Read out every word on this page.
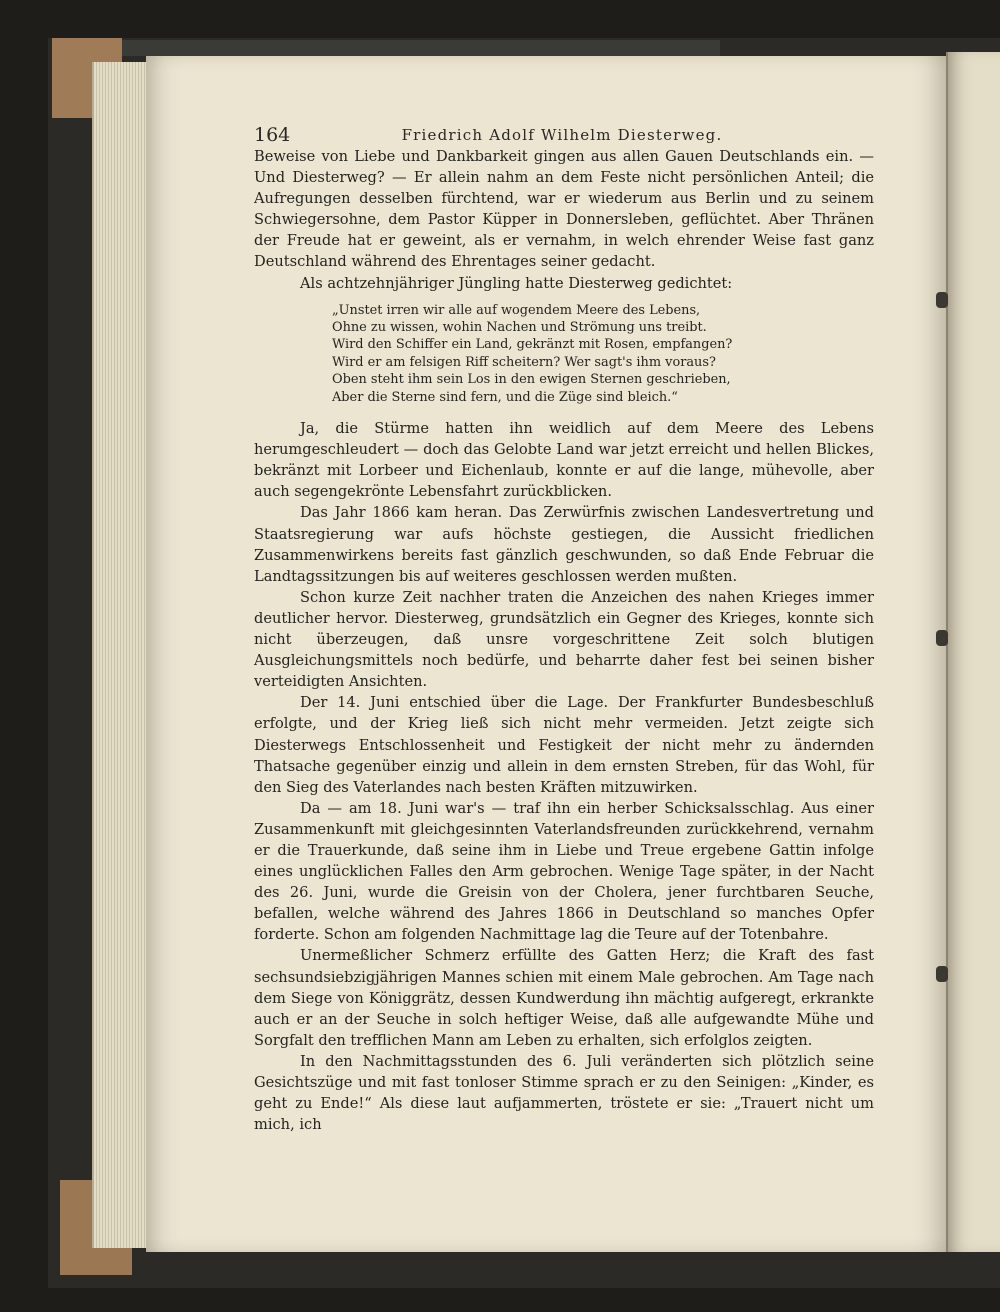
164	Friedrich Adolf Wilhelm Diesterweg.

Beweise von Liebe und Dankbarkeit gingen aus allen Gauen Deutschlands ein. — Und Diesterweg? — Er allein nahm an dem Feste nicht persönlichen Anteil; die Aufregungen desselben fürchtend, war er wiederum aus Berlin und zu seinem Schwiegersohne, dem Pastor Küpper in Donnersleben, geflüchtet. Aber Thränen der Freude hat er geweint, als er vernahm, in welch ehrender Weise fast ganz Deutschland während des Ehrentages seiner gedacht.

Als achtzehnjähriger Jüngling hatte Diesterweg gedichtet:

„Unstet irren wir alle auf wogendem Meere des Lebens,
Ohne zu wissen, wohin Nachen und Strömung uns treibt.
Wird den Schiffer ein Land, gekränzt mit Rosen, empfangen?
Wird er am felsigen Riff scheitern? Wer sagt's ihm voraus?
Oben steht ihm sein Los in den ewigen Sternen geschrieben,
Aber die Sterne sind fern, und die Züge sind bleich.“

Ja, die Stürme hatten ihn weidlich auf dem Meere des Lebens herumgeschleudert — doch das Gelobte Land war jetzt erreicht und hellen Blickes, bekränzt mit Lorbeer und Eichenlaub, konnte er auf die lange, mühevolle, aber auch segengekrönte Lebensfahrt zurückblicken.

Das Jahr 1866 kam heran. Das Zerwürfnis zwischen Landesvertretung und Staatsregierung war aufs höchste gestiegen, die Aussicht friedlichen Zusammenwirkens bereits fast gänzlich geschwunden, so daß Ende Februar die Landtagssitzungen bis auf weiteres geschlossen werden mußten.

Schon kurze Zeit nachher traten die Anzeichen des nahen Krieges immer deutlicher hervor. Diesterweg, grundsätzlich ein Gegner des Krieges, konnte sich nicht überzeugen, daß unsre vorgeschrittene Zeit solch blutigen Ausgleichungsmittels noch bedürfe, und beharrte daher fest bei seinen bisher verteidigten Ansichten.

Der 14. Juni entschied über die Lage. Der Frankfurter Bundesbeschluß erfolgte, und der Krieg ließ sich nicht mehr vermeiden. Jetzt zeigte sich Diesterwegs Entschlossenheit und Festigkeit der nicht mehr zu ändernden Thatsache gegenüber einzig und allein in dem ernsten Streben, für das Wohl, für den Sieg des Vaterlandes nach besten Kräften mitzuwirken.

Da — am 18. Juni war's — traf ihn ein herber Schicksalsschlag. Aus einer Zusammenkunft mit gleichgesinnten Vaterlandsfreunden zurückkehrend, vernahm er die Trauerkunde, daß seine ihm in Liebe und Treue ergebene Gattin infolge eines unglücklichen Falles den Arm gebrochen. Wenige Tage später, in der Nacht des 26. Juni, wurde die Greisin von der Cholera, jener furchtbaren Seuche, befallen, welche während des Jahres 1866 in Deutschland so manches Opfer forderte. Schon am folgenden Nachmittage lag die Teure auf der Totenbahre.

Unermeßlicher Schmerz erfüllte des Gatten Herz; die Kraft des fast sechsundsiebzigjährigen Mannes schien mit einem Male gebrochen. Am Tage nach dem Siege von Königgrätz, dessen Kundwerdung ihn mächtig aufgeregt, erkrankte auch er an der Seuche in solch heftiger Weise, daß alle aufgewandte Mühe und Sorgfalt den trefflichen Mann am Leben zu erhalten, sich erfolglos zeigten.

In den Nachmittagsstunden des 6. Juli veränderten sich plötzlich seine Gesichtszüge und mit fast tonloser Stimme sprach er zu den Seinigen: „Kinder, es geht zu Ende!“ Als diese laut aufjammerten, tröstete er sie: „Trauert nicht um mich, ich
